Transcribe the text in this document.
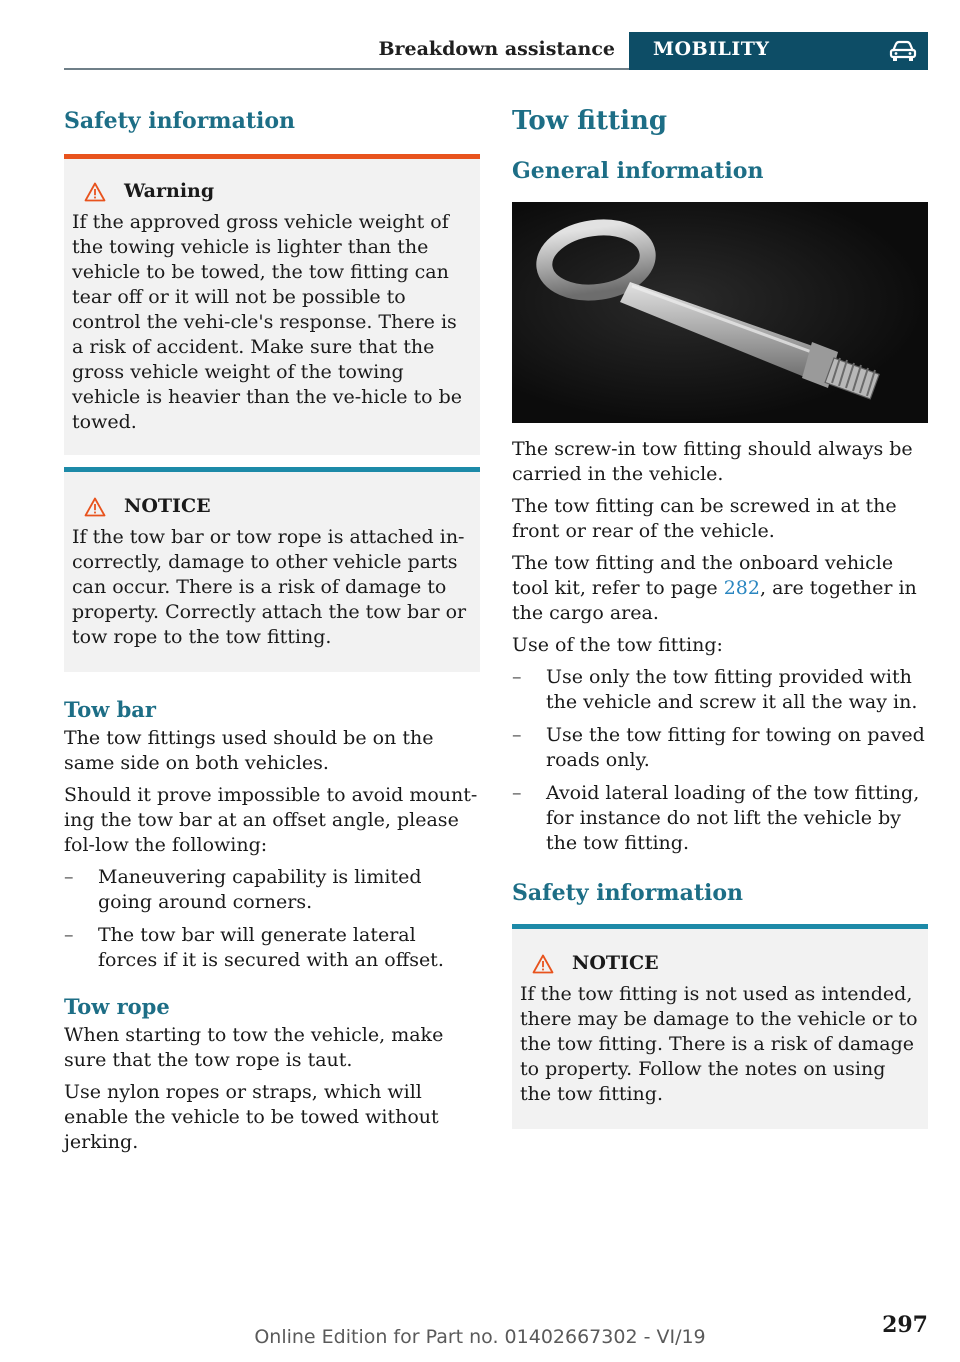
Breakdown assistance MOBILITY
Safety information
Warning

If the approved gross vehicle weight of the towing vehicle is lighter than the vehicle to be towed, the tow fitting can tear off or it will not be possible to control the vehi-cle's response. There is a risk of accident. Make sure that the gross vehicle weight of the towing vehicle is heavier than the ve-hicle to be towed.

NOTICE

If the tow bar or tow rope is attached in-correctly, damage to other vehicle parts can occur. There is a risk of damage to property. Correctly attach the tow bar or tow rope to the tow fitting.

Tow bar

The tow fittings used should be on the same side on both vehicles.

Should it prove impossible to avoid mount-ing the tow bar at an offset angle, please fol-low the following:

– Maneuvering capability is limited going around corners.
– The tow bar will generate lateral forces if it is secured with an offset.
Tow rope

When starting to tow the vehicle, make sure that the tow rope is taut.

Use nylon ropes or straps, which will enable the vehicle to be towed without jerking.

Tow fitting
General information

The screw-in tow fitting should always be carried in the vehicle.

The tow fitting can be screwed in at the front or rear of the vehicle.

The tow fitting and the onboard vehicle tool kit, refer to page 282, are together in the cargo area.

Use of the tow fitting:

– Use only the tow fitting provided with the vehicle and screw it all the way in.
– Use the tow fitting for towing on paved roads only.
– Avoid lateral loading of the tow fitting, for instance do not lift the vehicle by the tow fitting.
Safety information
NOTICE

If the tow fitting is not used as intended, there may be damage to the vehicle or to the tow fitting. There is a risk of damage to property. Follow the notes on using the tow fitting.

297
Online Edition for Part no. 01402667302 - VI/19
